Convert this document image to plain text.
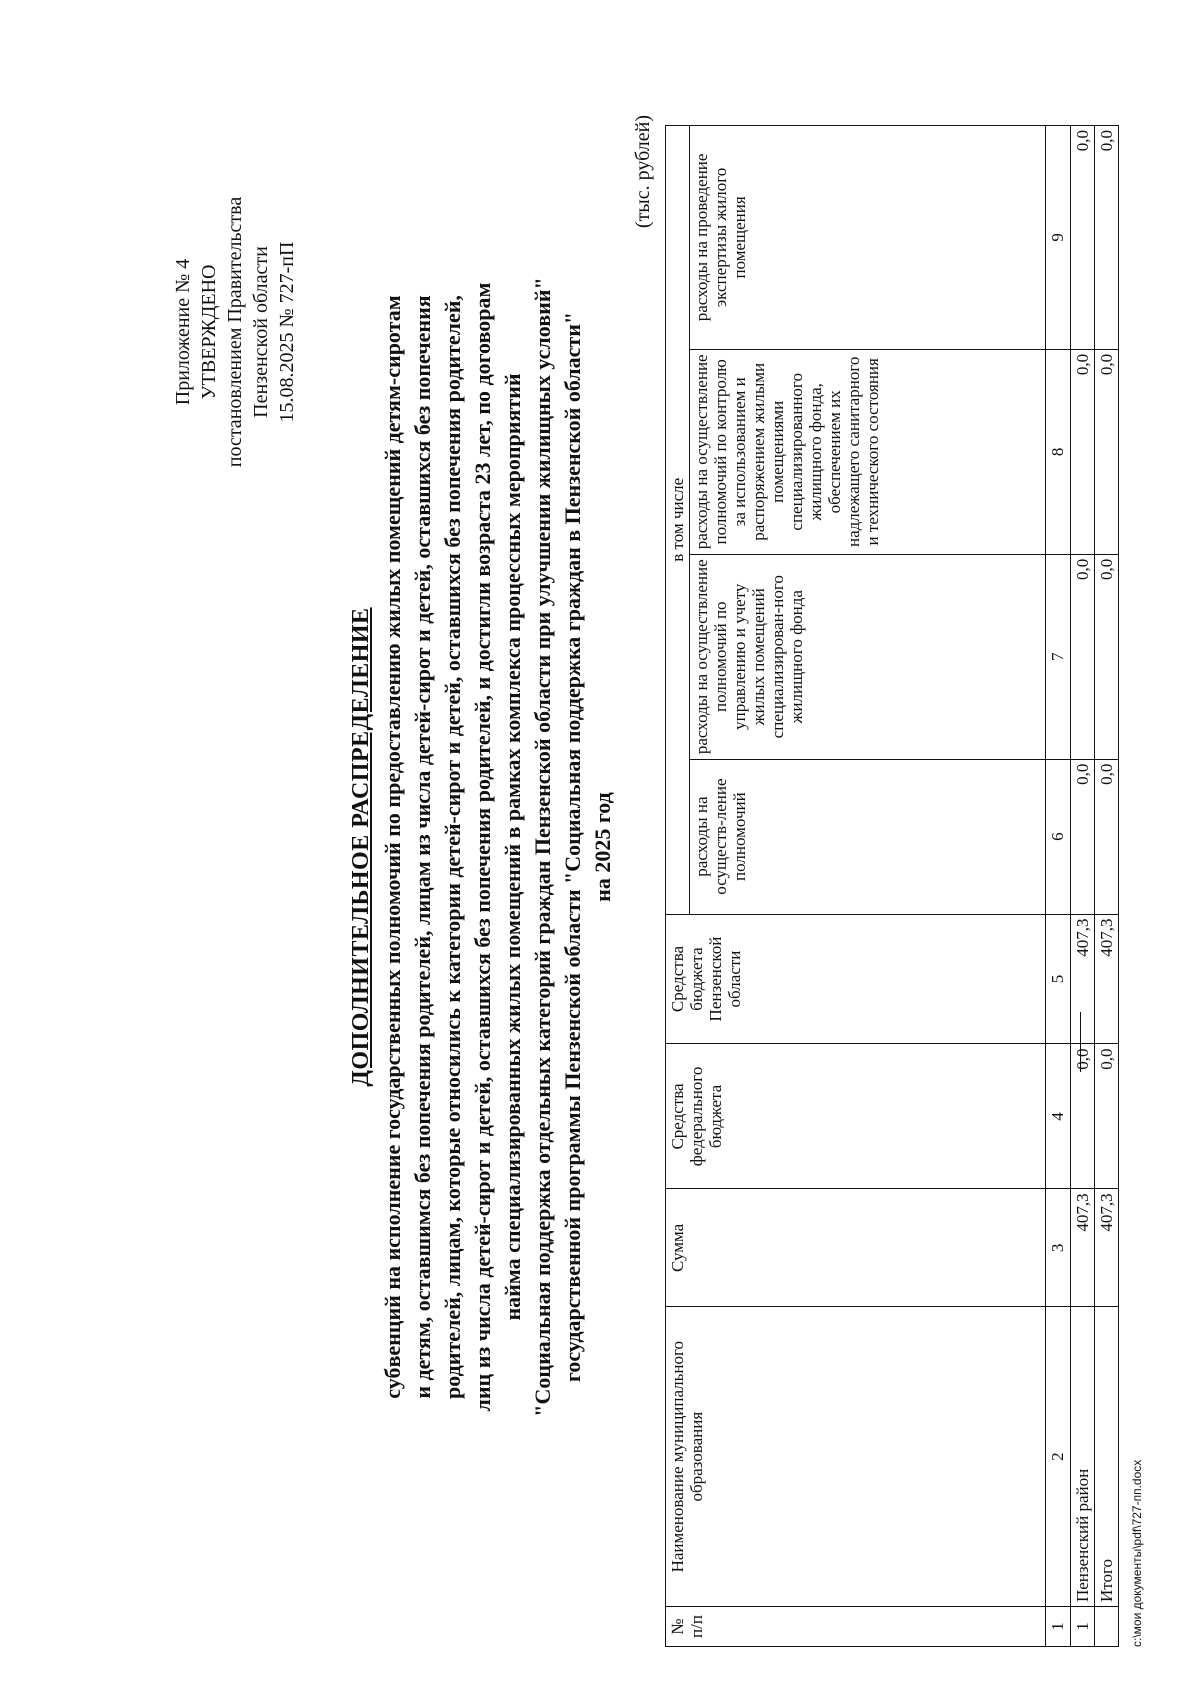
Приложение № 4 УТВЕРЖДЕНО постановлением Правительства Пензенской области 15.08.2025 № 727-пП
ДОПОЛНИТЕЛЬНОЕ РАСПРЕДЕЛЕНИЕ субвенций на исполнение государственных полномочий по предоставлению жилых помещений детям-сиротам и детям, оставшимся без попечения родителей, лицам из числа детей-сирот и детей, оставшихся без попечения родителей, лицам, которые относились к категории детей-сирот и детей, оставшихся без попечения родителей, лиц из числа детей-сирот и детей, оставшихся без попечения родителей, и достигли возраста 23 лет, по договорам найма специализированных жилых помещений в рамках комплекса процессных мероприятий "Социальная поддержка отдельных категорий граждан Пензенской области при улучшении жилищных условий" государственной программы Пензенской области "Социальная поддержка граждан в Пензенской области" на 2025 год

(тыс. рублей)
№ п/п	Наименование муниципального образования	Сумма	Средства федерального бюджета	Средства бюджета Пензенской области	в том числе			
					расходы на осуществ-ление полномочий	расходы на осуществление полномочий по управлению и учету жилых помещений специализирован-ного жилищного фонда	расходы на осуществление полномочий по контролю за использованием и распоряжением жилыми помещениями специализированного жилищного фонда, обеспечением их надлежащего санитарного и технического состояния	расходы на проведение экспертизы жилого помещения
1	2	3	4	5	6	7	8	9
1	Пензенский район	407,3	0,0	407,3	0,0	0,0	0,0	0,0
	Итого	407,3	0,0	407,3	0,0	0,0	0,0	0,0
c:\мои документы\pdf\727-пп.docx
